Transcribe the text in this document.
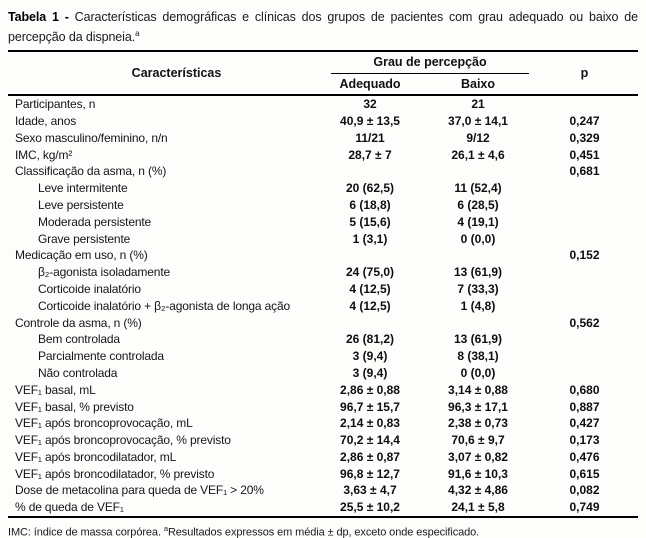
Tabela 1 - Características demográficas e clínicas dos grupos de pacientes com grau adequado ou baixo de percepção da dispneia.$^a$

Características	Grau de percepção		p
	Adequado	Baixo	
Participantes, n	32	21	
Idade, anos	40,9 ± 13,5	37,0 ± 14,1	0,247
Sexo masculino/feminino, n/n	11/21	9/12	0,329
IMC, kg/m²	28,7 ± 7	26,1 ± 4,6	0,451
Classificação da asma, n (%)			0,681
Leve intermitente	20 (62,5)	11 (52,4)	
Leve persistente	6 (18,8)	6 (28,5)	
Moderada persistente	5 (15,6)	4 (19,1)	
Grave persistente	1 (3,1)	0 (0,0)	
Medicação em uso, n (%)			0,152
β₂-agonista isoladamente	24 (75,0)	13 (61,9)	
Corticoide inalatório	4 (12,5)	7 (33,3)	
Corticoide inalatório + β₂-agonista de longa ação	4 (12,5)	1 (4,8)	
Controle da asma, n (%)			0,562
Bem controlada	26 (81,2)	13 (61,9)	
Parcialmente controlada	3 (9,4)	8 (38,1)	
Não controlada	3 (9,4)	0 (0,0)	
VEF₁ basal, mL	2,86 ± 0,88	3,14 ± 0,88	0,680
VEF₁ basal, % previsto	96,7 ± 15,7	96,3 ± 17,1	0,887
VEF₁ após broncoprovocação, mL	2,14 ± 0,83	2,38 ± 0,73	0,427
VEF₁ após broncoprovocação, % previsto	70,2 ± 14,4	70,6 ± 9,7	0,173
VEF₁ após broncodilatador, mL	2,86 ± 0,87	3,07 ± 0,82	0,476
VEF₁ após broncodilatador, % previsto	96,8 ± 12,7	91,6 ± 10,3	0,615
Dose de metacolina para queda de VEF₁ > 20%	3,63 ± 4,7	4,32 ± 4,86	0,082
% de queda de VEF₁	25,5 ± 10,2	24,1 ± 5,8	0,749

IMC: índice de massa corpórea. $^a$Resultados expressos em média ± dp, exceto onde especificado.
